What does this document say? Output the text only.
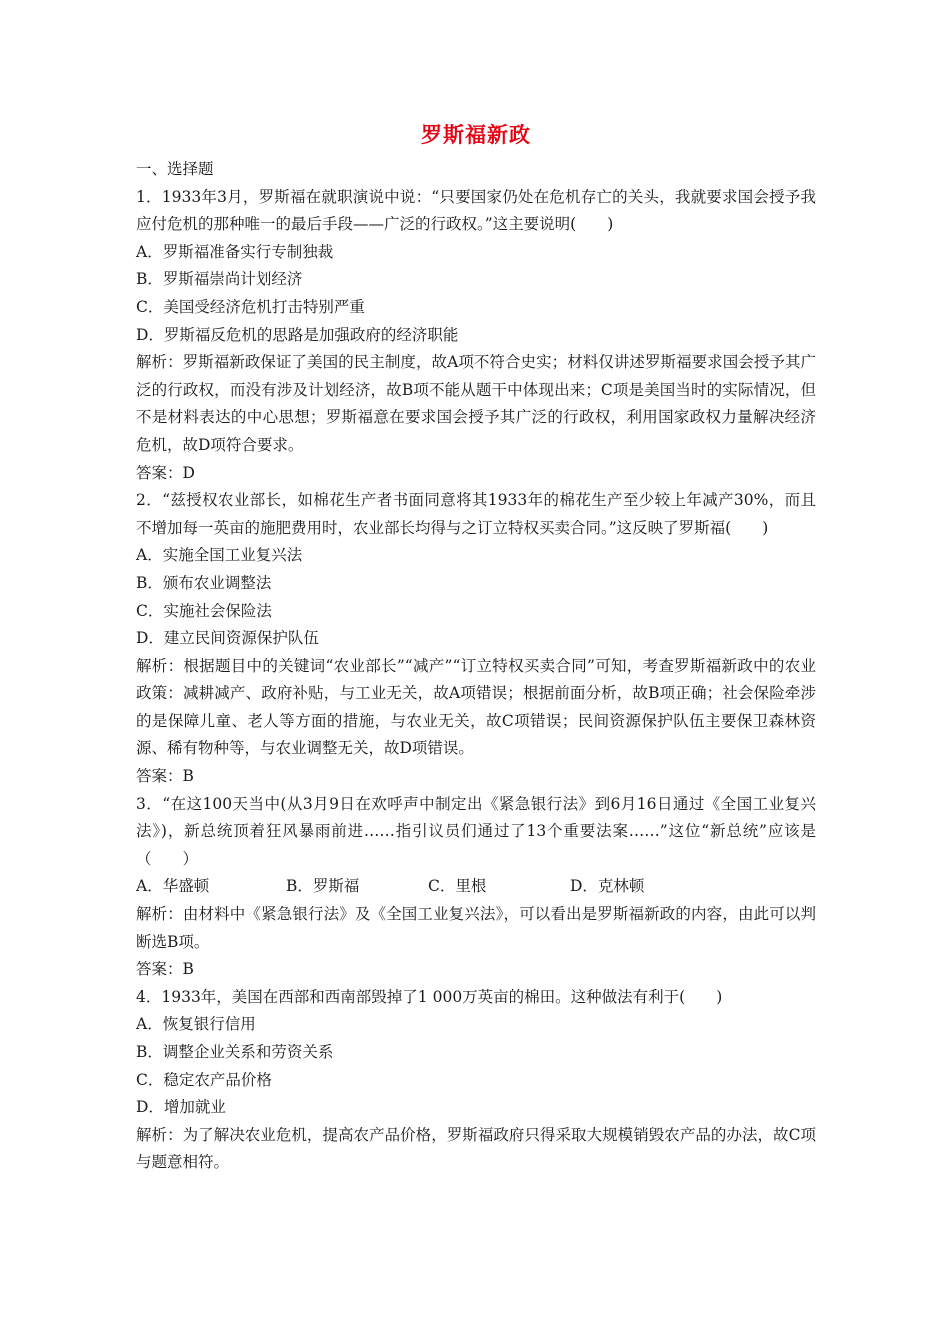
罗斯福新政
一、选择题
1．1933年3月，罗斯福在就职演说中说：“只要国家仍处在危机存亡的关头，我就要求国会授予我应付危机的那种唯一的最后手段——广泛的行政权。”这主要说明(　　)
A．罗斯福准备实行专制独裁
B．罗斯福崇尚计划经济
C．美国受经济危机打击特别严重
D．罗斯福反危机的思路是加强政府的经济职能
解析：罗斯福新政保证了美国的民主制度，故A项不符合史实；材料仅讲述罗斯福要求国会授予其广泛的行政权，而没有涉及计划经济，故B项不能从题干中体现出来；C项是美国当时的实际情况，但不是材料表达的中心思想；罗斯福意在要求国会授予其广泛的行政权，利用国家政权力量解决经济危机，故D项符合要求。
答案：D
2．“兹授权农业部长，如棉花生产者书面同意将其1933年的棉花生产至少较上年减产30%，而且不增加每一英亩的施肥费用时，农业部长均得与之订立特权买卖合同。”这反映了罗斯福(　　)
A．实施全国工业复兴法
B．颁布农业调整法
C．实施社会保险法
D．建立民间资源保护队伍
解析：根据题目中的关键词“农业部长”“减产”“订立特权买卖合同”可知，考查罗斯福新政中的农业政策：减耕减产、政府补贴，与工业无关，故A项错误；根据前面分析，故B项正确；社会保险牵涉的是保障儿童、老人等方面的措施，与农业无关，故C项错误；民间资源保护队伍主要保卫森林资源、稀有物种等，与农业调整无关，故D项错误。
答案：B
3．“在这100天当中(从3月9日在欢呼声中制定出《紧急银行法》到6月16日通过《全国工业复兴法》)，新总统顶着狂风暴雨前进……指引议员们通过了13个重要法案……”这位“新总统”应该是（　　）
A．华盛顿	B．罗斯福	C．里根	D．克林顿
解析：由材料中《紧急银行法》及《全国工业复兴法》，可以看出是罗斯福新政的内容，由此可以判断选B项。
答案：B
4．1933年，美国在西部和西南部毁掉了1 000万英亩的棉田。这种做法有利于(　　)
A．恢复银行信用
B．调整企业关系和劳资关系
C．稳定农产品价格
D．增加就业
解析：为了解决农业危机，提高农产品价格，罗斯福政府只得采取大规模销毁农产品的办法，故C项与题意相符。
